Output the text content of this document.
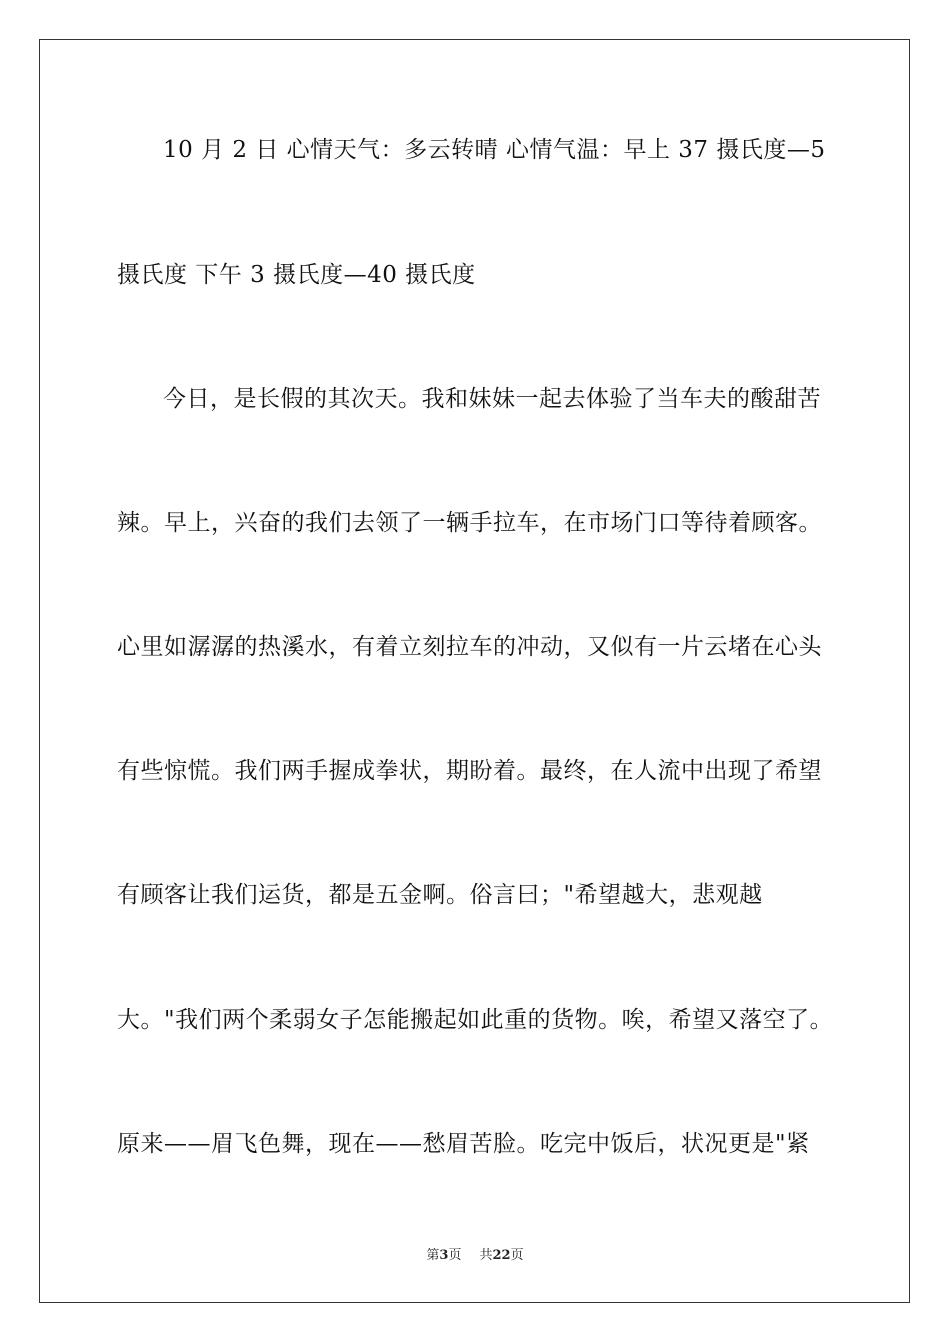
10 月 2 日 心情天气：多云转晴 心情气温：早上 37 摄氏度—5
摄氏度 下午 3 摄氏度—40 摄氏度
今日，是长假的其次天。我和妹妹一起去体验了当车夫的酸甜苦
辣。早上，兴奋的我们去领了一辆手拉车，在市场门口等待着顾客。
心里如潺潺的热溪水，有着立刻拉车的冲动，又似有一片云堵在心头
有些惊慌。我们两手握成拳状，期盼着。最终，在人流中出现了希望
有顾客让我们运货，都是五金啊。俗言曰；"希望越大，悲观越
大。"我们两个柔弱女子怎能搬起如此重的货物。唉，希望又落空了。
原来——眉飞色舞，现在——愁眉苦脸。吃完中饭后，状况更是"紧
第3页 共22页
